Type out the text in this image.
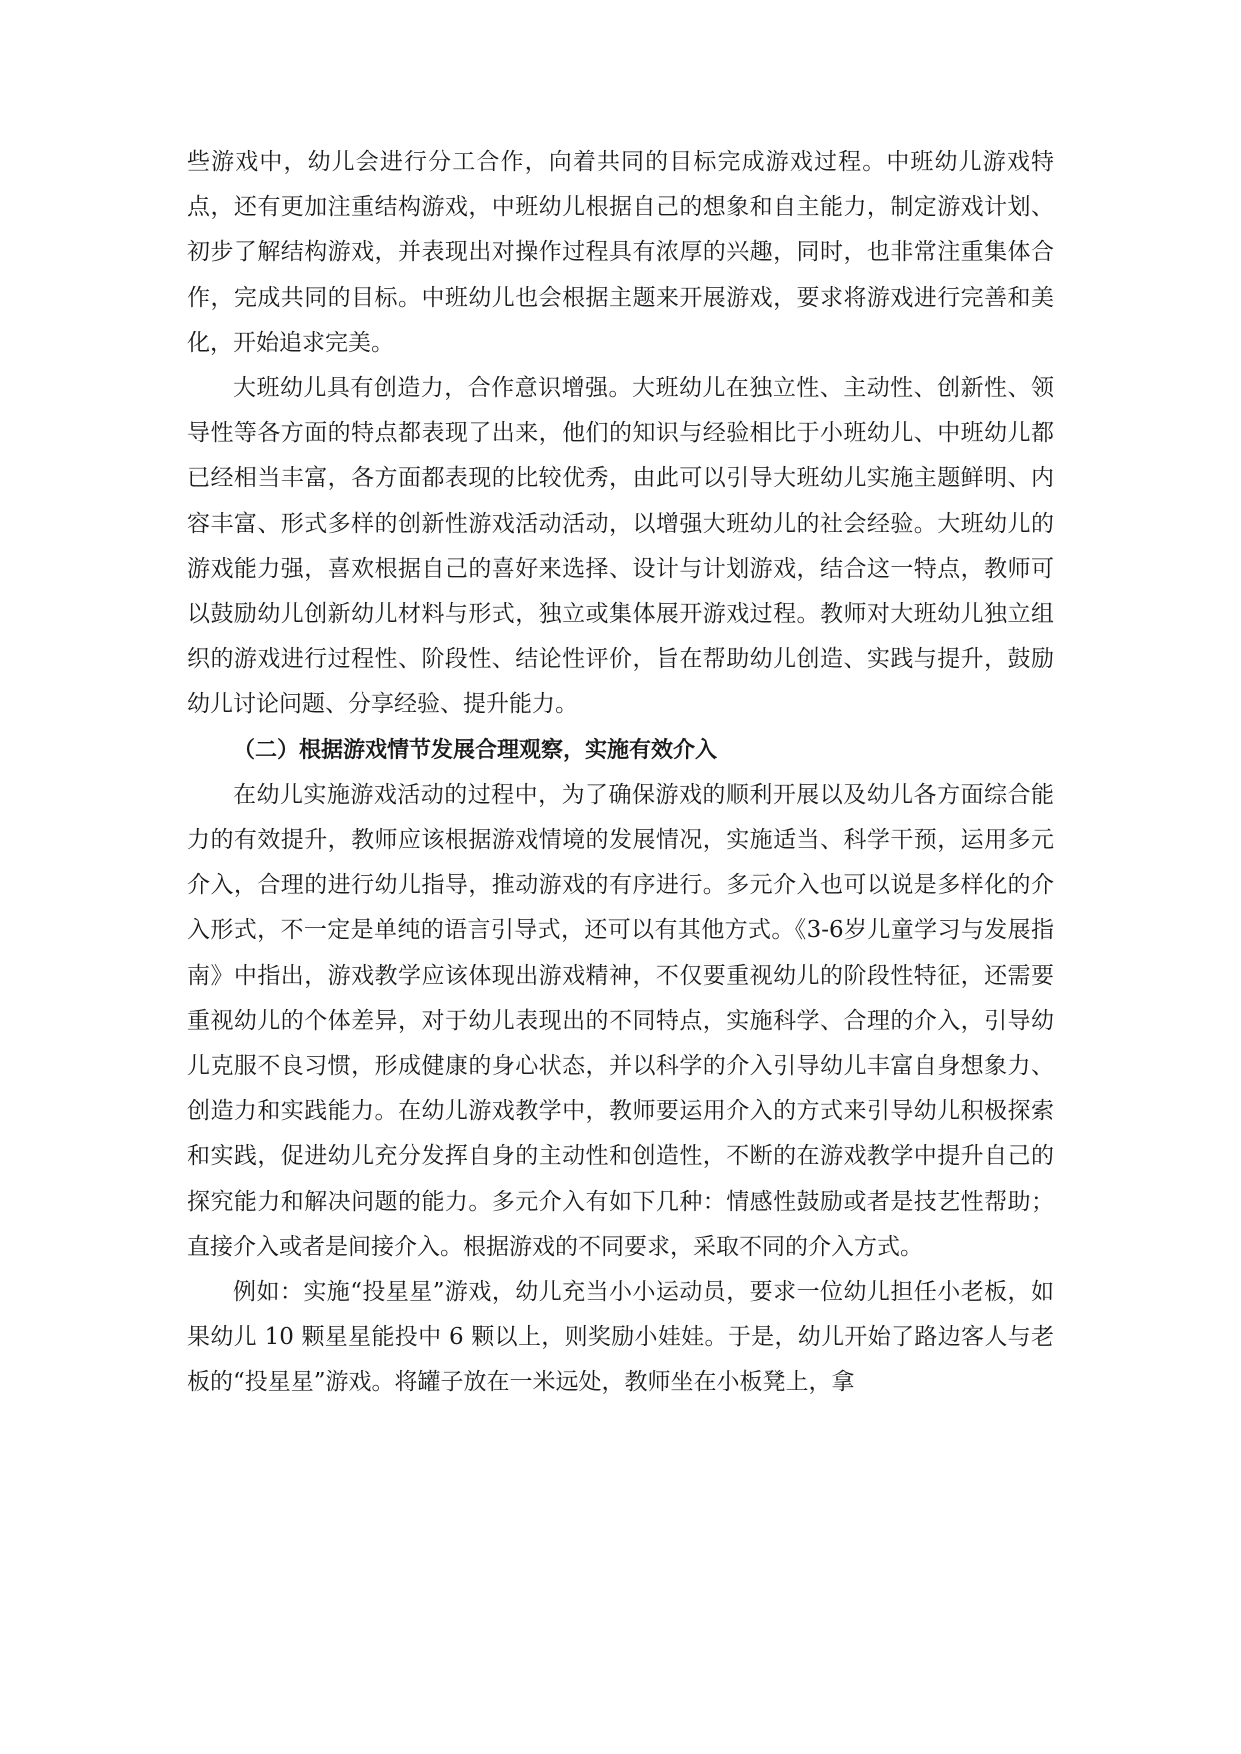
些游戏中，幼儿会进行分工合作，向着共同的目标完成游戏过程。中班幼儿游戏特点，还有更加注重结构游戏，中班幼儿根据自己的想象和自主能力，制定游戏计划、初步了解结构游戏，并表现出对操作过程具有浓厚的兴趣，同时，也非常注重集体合作，完成共同的目标。中班幼儿也会根据主题来开展游戏，要求将游戏进行完善和美化，开始追求完美。

大班幼儿具有创造力，合作意识增强。大班幼儿在独立性、主动性、创新性、领导性等各方面的特点都表现了出来，他们的知识与经验相比于小班幼儿、中班幼儿都已经相当丰富，各方面都表现的比较优秀，由此可以引导大班幼儿实施主题鲜明、内容丰富、形式多样的创新性游戏活动活动，以增强大班幼儿的社会经验。大班幼儿的游戏能力强，喜欢根据自己的喜好来选择、设计与计划游戏，结合这一特点，教师可以鼓励幼儿创新幼儿材料与形式，独立或集体展开游戏过程。教师对大班幼儿独立组织的游戏进行过程性、阶段性、结论性评价，旨在帮助幼儿创造、实践与提升，鼓励幼儿讨论问题、分享经验、提升能力。

（二）根据游戏情节发展合理观察，实施有效介入

在幼儿实施游戏活动的过程中，为了确保游戏的顺利开展以及幼儿各方面综合能力的有效提升，教师应该根据游戏情境的发展情况，实施适当、科学干预，运用多元介入，合理的进行幼儿指导，推动游戏的有序进行。多元介入也可以说是多样化的介入形式，不一定是单纯的语言引导式，还可以有其他方式。《3-6岁儿童学习与发展指南》中指出，游戏教学应该体现出游戏精神，不仅要重视幼儿的阶段性特征，还需要重视幼儿的个体差异，对于幼儿表现出的不同特点，实施科学、合理的介入，引导幼儿克服不良习惯，形成健康的身心状态，并以科学的介入引导幼儿丰富自身想象力、创造力和实践能力。在幼儿游戏教学中，教师要运用介入的方式来引导幼儿积极探索和实践，促进幼儿充分发挥自身的主动性和创造性，不断的在游戏教学中提升自己的探究能力和解决问题的能力。多元介入有如下几种：情感性鼓励或者是技艺性帮助；直接介入或者是间接介入。根据游戏的不同要求，采取不同的介入方式。

例如：实施“投星星”游戏，幼儿充当小小运动员，要求一位幼儿担任小老板，如果幼儿 10 颗星星能投中 6 颗以上，则奖励小娃娃。于是，幼儿开始了路边客人与老板的“投星星”游戏。将罐子放在一米远处，教师坐在小板凳上，拿
